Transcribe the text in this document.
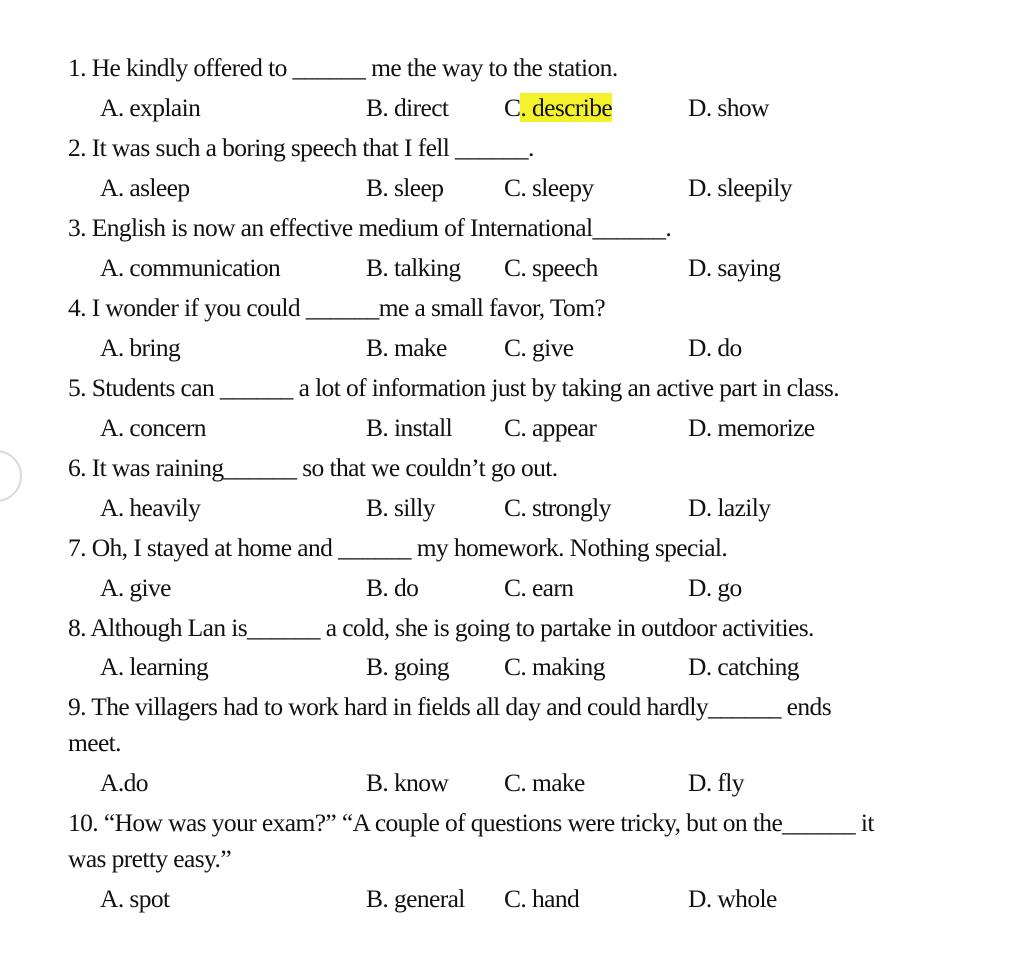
1. He kindly offered to ______ me the way to the station.
A. explain	B. direct C. describe	D. show
2. It was such a boring speech that I fell ______.
A. asleep	B. sleep C. sleepy	D. sleepily
3. English is now an effective medium of International______.
A. communication	B. talking C. speech	D. saying
4. I wonder if you could ______me a small favor, Tom?
A. bring	B. make C. give	D. do
5. Students can ______ a lot of information just by taking an active part in class.
A. concern	B. install C. appear	D. memorize
6. It was raining______ so that we couldn’t go out.
A. heavily	B. silly	C. strongly	D. lazily
7. Oh, I stayed at home and ______ my homework. Nothing special.
A. give	B. do	C. earn	D. go
8. Although Lan is______ a cold, she is going to partake in outdoor activities.
A. learning	B. going C. making	D. catching
9. The villagers had to work hard in fields all day and could hardly______ ends
meet.
A.do	B. know C. make	D. fly
10. “How was your exam?” “A couple of questions were tricky, but on the______ it
was pretty easy.”
A. spot	B. general C. hand	D. whole
